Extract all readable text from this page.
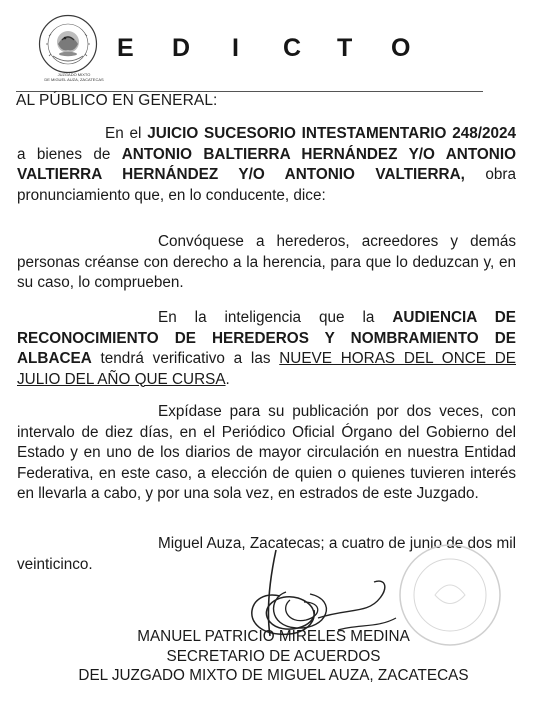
JUZGADO MIXTO
DE MIGUEL AUZA, ZACATECAS
E D I C T O
AL PÚBLICO EN GENERAL:
En el JUICIO SUCESORIO INTESTAMENTARIO 248/2024 a bienes de ANTONIO BALTIERRA HERNÁNDEZ Y/O ANTONIO VALTIERRA HERNÁNDEZ Y/O ANTONIO VALTIERRA, obra pronunciamiento que, en lo conducente, dice:
Convóquese a herederos, acreedores y demás personas créanse con derecho a la herencia, para que lo deduzcan y, en su caso, lo comprueben.
En la inteligencia que la AUDIENCIA DE RECONOCIMIENTO DE HEREDEROS Y NOMBRAMIENTO DE ALBACEA tendrá verificativo a las NUEVE HORAS DEL ONCE DE JULIO DEL AÑO QUE CURSA.
Expídase para su publicación por dos veces, con intervalo de diez días, en el Periódico Oficial Órgano del Gobierno del Estado y en uno de los diarios de mayor circulación en nuestra Entidad Federativa, en este caso, a elección de quien o quienes tuvieren interés en llevarla a cabo, y por una sola vez, en estrados de este Juzgado.
Miguel Auza, Zacatecas; a cuatro de junio de dos mil veinticinco.
MANUEL PATRICIO MIRELES MEDINA
SECRETARIO DE ACUERDOS
DEL JUZGADO MIXTO DE MIGUEL AUZA, ZACATECAS
